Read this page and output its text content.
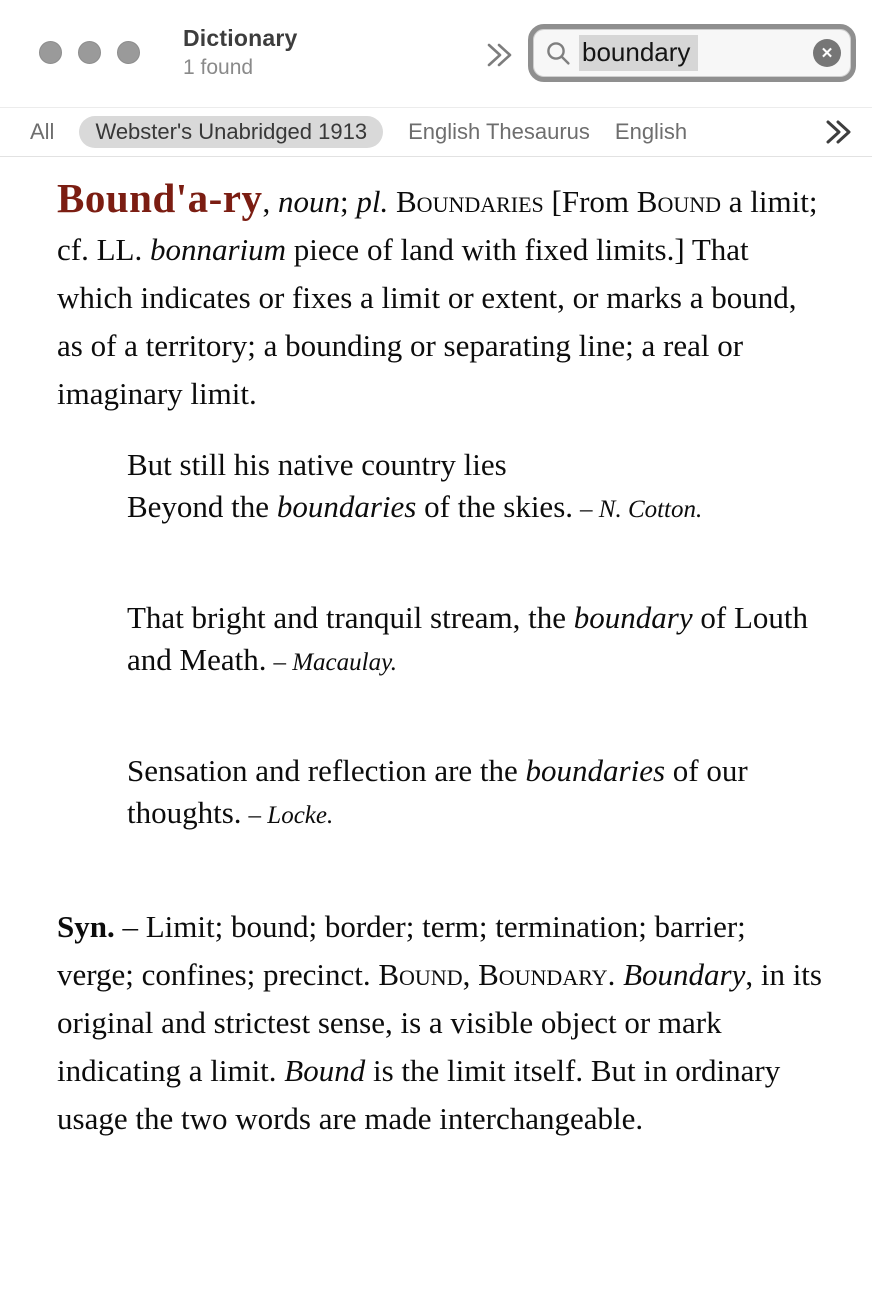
Dictionary
1 found
boundary	✕
All	Webster's Unabridged 1913	English Thesaurus English

Bound'a-ry, noun; pl. Boundaries [From Bound a limit; cf. LL. bonnarium piece of land with fixed limits.] That which indicates or fixes a limit or extent, or marks a bound, as of a territory; a bounding or separating line; a real or imaginary limit.

But still his native country lies
Beyond the boundaries of the skies. – N. Cotton.
That bright and tranquil stream, the boundary of Louth and Meath. – Macaulay.
Sensation and reflection are the boundaries of our thoughts. – Locke.

Syn. – Limit; bound; border; term; termination; barrier; verge; confines; precinct. Bound, Boundary. Boundary, in its original and strictest sense, is a visible object or mark indicating a limit. Bound is the limit itself. But in ordinary usage the two words are made interchangeable.
